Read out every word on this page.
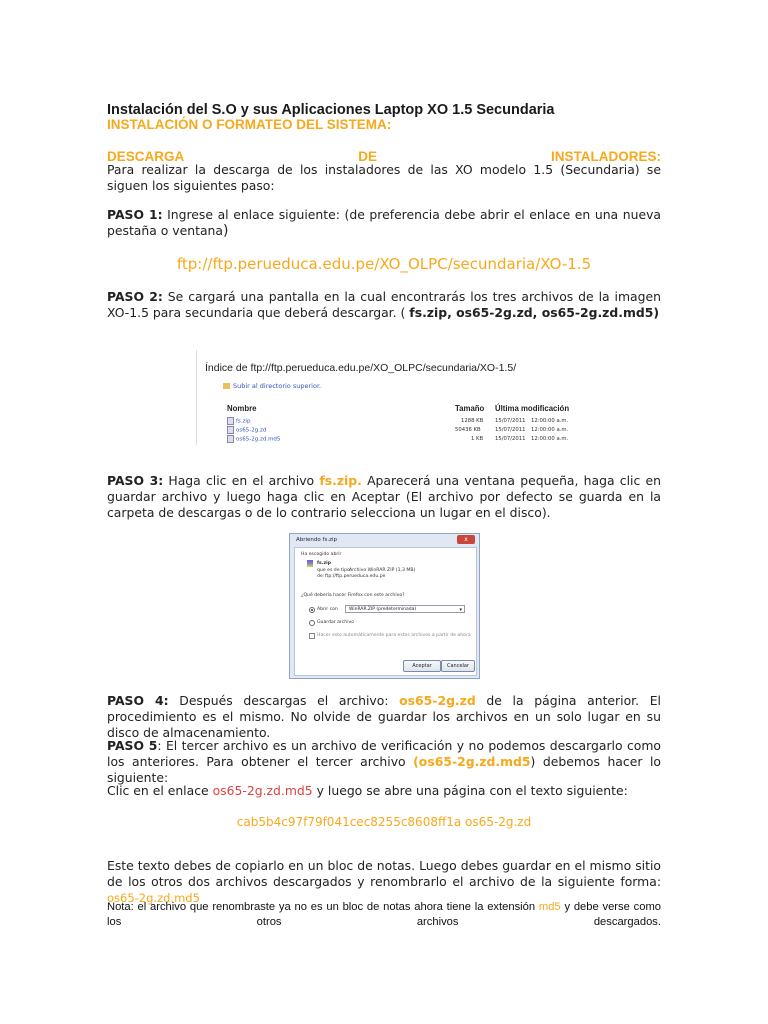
Instalación del S.O y sus Aplicaciones Laptop XO 1.5 Secundaria
INSTALACIÓN O FORMATEO DEL SISTEMA:
DESCARGA	DE	INSTALADORES:
Para realizar la descarga de los instaladores de las XO modelo 1.5 (Secundaria) se siguen los siguientes paso:
PASO 1: Ingrese al enlace siguiente: (de preferencia debe abrir el enlace en una nueva pestaña o ventana)
ftp://ftp.perueduca.edu.pe/XO_OLPC/secundaria/XO-1.5
PASO 2: Se cargará una pantalla en la cual encontrarás los tres archivos de la imagen XO-1.5 para secundaria que deberá descargar. ( fs.zip, os65-2g.zd, os65-2g.zd.md5)
Índice de ftp://ftp.perueduca.edu.pe/XO_OLPC/secundaria/XO-1.5/
Subir al directorio superior.
Nombre	Tamaño Última modificación
fs.zip	1288 KB 15/07/2011 12:00:00 a.m.
os65-2g.zd	50436 KB	15/07/2011 12:00:00 a.m.
os65-2g.zd.md5	1 KB 15/07/2011 12:00:00 a.m.
PASO 3: Haga clic en el archivo fs.zip. Aparecerá una ventana pequeña, haga clic en guardar archivo y luego haga clic en Aceptar (El archivo por defecto se guarda en la carpeta de descargas o de lo contrario selecciona un lugar en el disco).
Abriendo fs.zip	x
Ha escogido abrir
fs.zip
que es de tipo:
Archivo WinRAR ZIP (1,3 MB)
de: ftp://ftp.perueduca.edu.pe
¿Qué debería hacer Firefox con este archivo?
Abrir con	WinRAR.ZIP (predeterminada) ▾
Guardar archivo
Hacer esto automáticamente para estos archivos a partir de ahora
Aceptar	Cancelar
PASO 4: Después descargas el archivo: os65-2g.zd de la página anterior. El procedimiento es el mismo. No olvide de guardar los archivos en un solo lugar en su disco de almacenamiento.
PASO 5: El tercer archivo es un archivo de verificación y no podemos descargarlo como los anteriores. Para obtener el tercer archivo (os65-2g.zd.md5) debemos hacer lo siguiente:
Clic en el enlace os65-2g.zd.md5 y luego se abre una página con el texto siguiente:
cab5b4c97f79f041cec8255c8608ff1a os65-2g.zd
Este texto debes de copiarlo en un bloc de notas. Luego debes guardar en el mismo sitio de los otros dos archivos descargados y renombrarlo el archivo de la siguiente forma: os65-2g.zd.md5
Nota: el archivo que renombraste ya no es un bloc de notas ahora tiene la extensión md5 y debe verse como los otros archivos descargados.
